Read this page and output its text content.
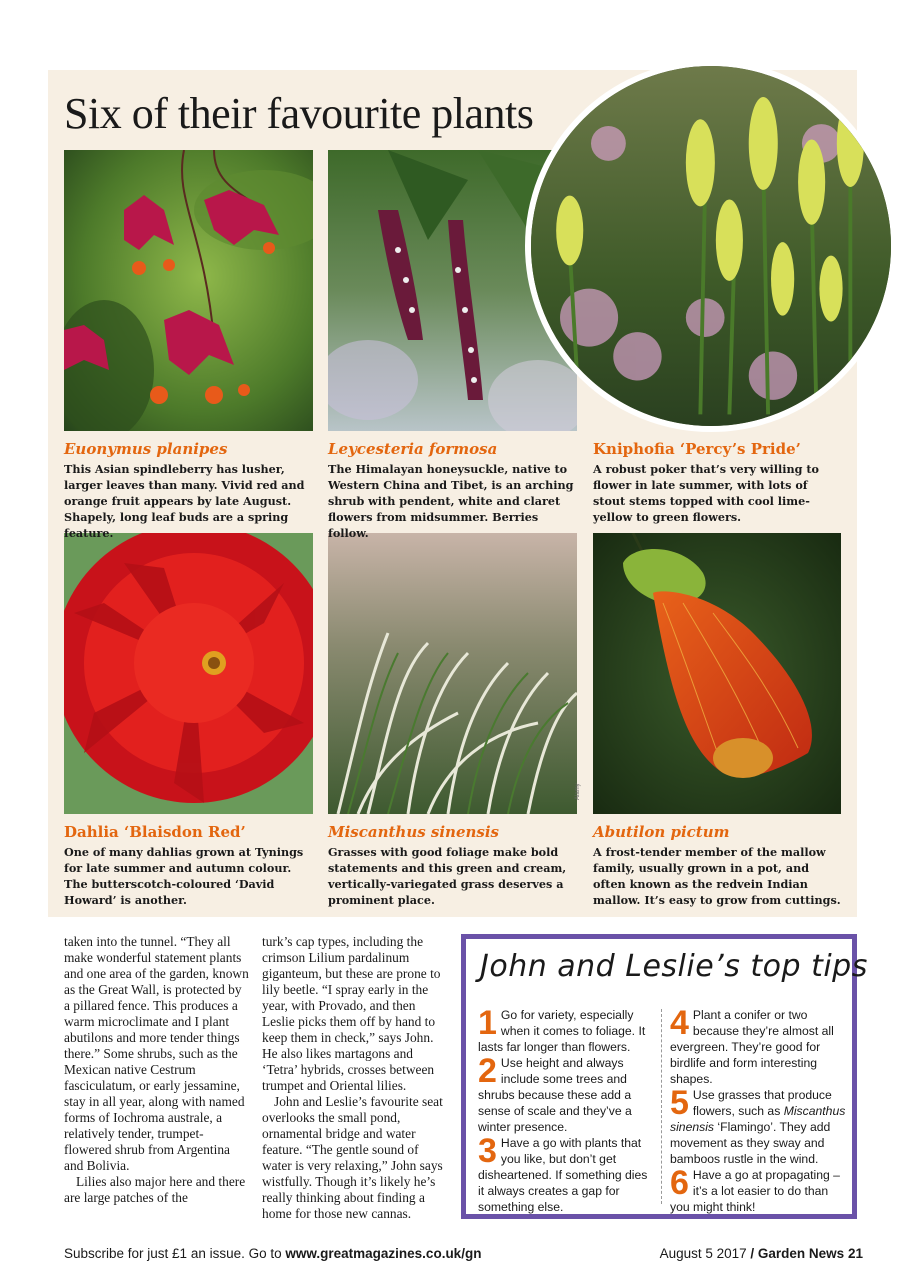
Six of their favourite plants

Euonymus planipes

This Asian spindleberry has lusher, larger leaves than many. Vivid red and orange fruit appears by late August. Shapely, long leaf buds are a spring feature.

Leycesteria formosa

The Himalayan honeysuckle, native to Western China and Tibet, is an arching shrub with pendent, white and claret flowers from midsummer. Berries follow.

Kniphofia ‘Percy’s Pride’

A robust poker that’s very willing to flower in late summer, with lots of stout stems topped with cool lime-yellow to green flowers.

Dahlia ‘Blaisdon Red’

One of many dahlias grown at Tynings for late summer and autumn colour. The butterscotch-coloured ‘David Howard’ is another.

Miscanthus sinensis

Grasses with good foliage make bold statements and this green and cream, vertically-variegated grass deserves a prominent place.

Abutilon pictum

A frost-tender member of the mallow family, usually grown in a pot, and often known as the redvein Indian mallow. It’s easy to grow from cuttings.

Alamy

taken into the tunnel. “They all make wonderful statement plants and one area of the garden, known as the Great Wall, is protected by a pillared fence. This produces a warm microclimate and I plant abutilons and more tender things there.” Some shrubs, such as the Mexican native Cestrum fasciculatum, or early jessamine, stay in all year, along with named forms of Iochroma australe, a relatively tender, trumpet-flowered shrub from Argentina and Bolivia.

Lilies also major here and there are large patches of the

turk’s cap types, including the crimson Lilium pardalinum giganteum, but these are prone to lily beetle. “I spray early in the year, with Provado, and then Leslie picks them off by hand to keep them in check,” says John. He also likes martagons and ‘Tetra’ hybrids, crosses between trumpet and Oriental lilies.

John and Leslie’s favourite seat overlooks the small pond, ornamental bridge and water feature. “The gentle sound of water is very relaxing,” John says wistfully. Though it’s likely he’s really thinking about finding a home for those new cannas.

John and Leslie’s top tips
1 Go for variety, especially when it comes to foliage. It lasts far longer than flowers.
2 Use height and always include some trees and shrubs because these add a sense of scale and they’ve a winter presence.
3 Have a go with plants that you like, but don’t get disheartened. If something dies it always creates a gap for something else.
4 Plant a conifer or two because they’re almost all evergreen. They’re good for birdlife and form interesting shapes.
5 Use grasses that produce flowers, such as Miscanthus sinensis ‘Flamingo’. They add movement as they sway and bamboos rustle in the wind.
6 Have a go at propagating – it’s a lot easier to do than you might think!
Subscribe for just £1 an issue. Go to www.greatmagazines.co.uk/gn	August 5 2017 / Garden News 21
